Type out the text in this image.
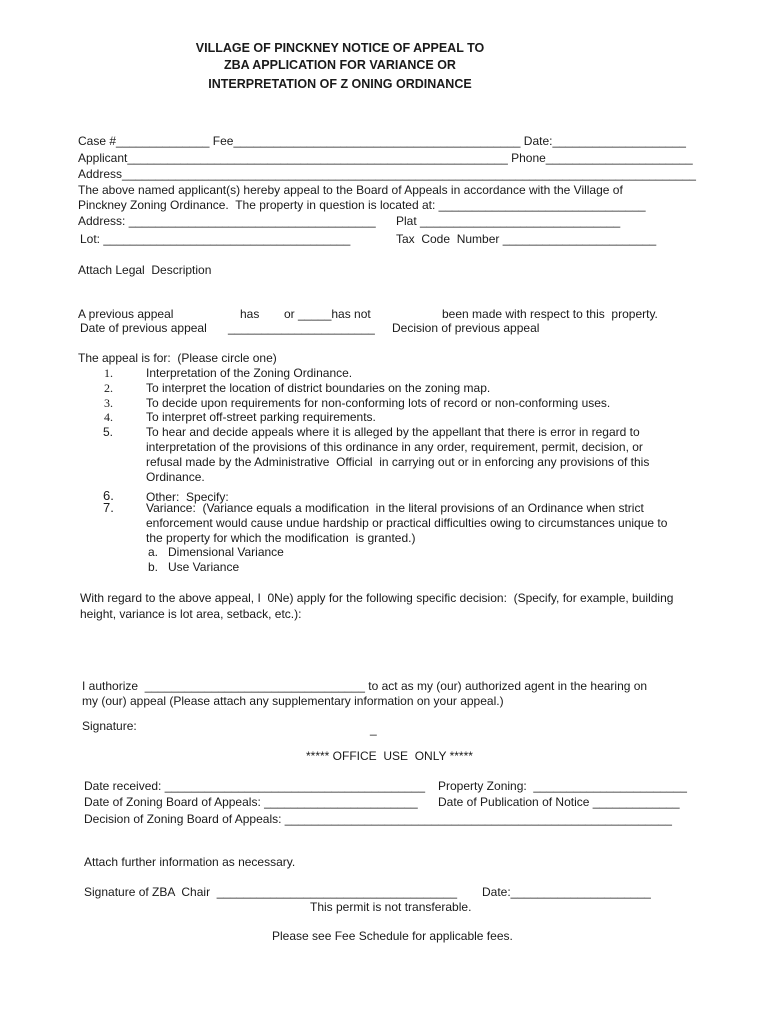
VILLAGE OF PINCKNEY NOTICE OF APPEAL TO
ZBA APPLICATION FOR VARIANCE OR
INTERPRETATION OF Z ONING ORDINANCE
Case #______________ Fee___________________________________________ Date:____________________
Applicant_________________________________________________________ Phone______________________
Address______________________________________________________________________________________
The above named applicant(s) hereby appeal to the Board of Appeals in accordance with the Village of
Pinckney Zoning Ordinance.  The property in question is located at: _______________________________
Address: _____________________________________ Plat ______________________________
Lot: _____________________________________	Tax  Code  Number _______________________
Attach Legal  Description
A previous appeal	has or _____has not	been made with respect to this  property.
Date of previous appeal ______________________ Decision of previous appeal
The appeal is for:  (Please circle one)
1.	Interpretation of the Zoning Ordinance.
2.	To interpret the location of district boundaries on the zoning map.
3.	To decide upon requirements for non-conforming lots of record or non-conforming uses.
4.	To interpret off-street parking requirements.
5.	To hear and decide appeals where it is alleged by the appellant that there is error in regard to
interpretation of the provisions of this ordinance in any order, requirement, permit, decision, or
refusal made by the Administrative  Official  in carrying out or in enforcing any provisions of this
Ordinance.
6.	Other:  Specify:
7.	Variance:  (Variance equals a modification  in the literal provisions of an Ordinance when strict
enforcement would cause undue hardship or practical difficulties owing to circumstances unique to
the property for which the modification  is granted.)
a.   Dimensional Variance
b.   Use Variance
With regard to the above appeal, I  0Ne) apply for the following specific decision:  (Specify, for example, building
height, variance is lot area, setback, etc.):
I authorize  _________________________________ to act as my (our) authorized agent in the hearing on
my (our) appeal (Please attach any supplementary information on your appeal.)
Signature:	_
***** OFFICE  USE  ONLY *****
Date received: _______________________________________ Property Zoning:  _______________________
Date of Zoning Board of Appeals: _______________________ Date of Publication of Notice _____________
Decision of Zoning Board of Appeals: __________________________________________________________
Attach further information as necessary.
Signature of ZBA  Chair  ____________________________________ Date:_____________________
This permit is not transferable.
Please see Fee Schedule for applicable fees.
